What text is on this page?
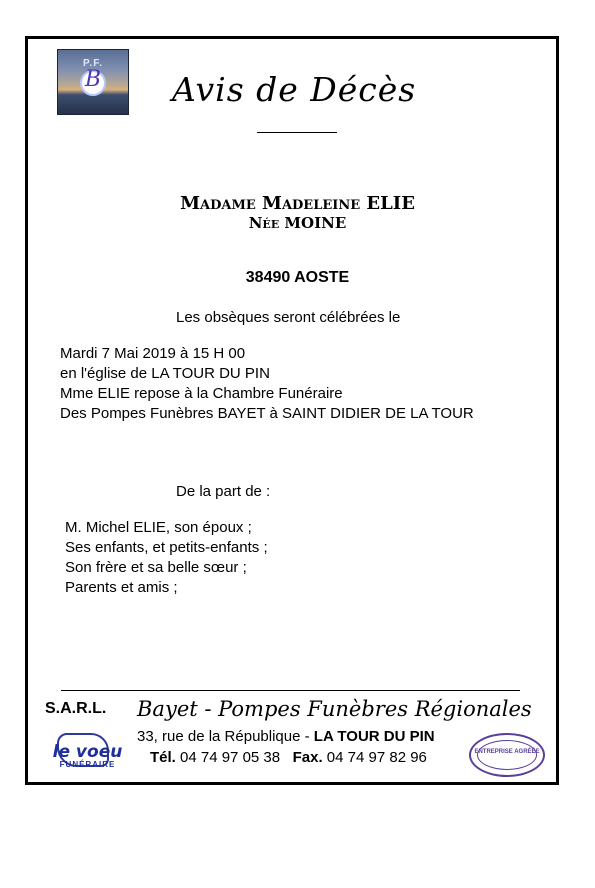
P.F.
B Avis de Décès
Madame Madeleine ELIE
Née MOINE
38490 AOSTE
Les obsèques seront célébrées le
Mardi 7 Mai 2019 à 15 H 00
en l'église de LA TOUR DU PIN
Mme ELIE repose à la Chambre Funéraire
Des Pompes Funèbres BAYET à SAINT DIDIER DE LA TOUR
De la part de :
M. Michel ELIE, son époux ;
Ses enfants, et petits-enfants ;
Son frère et sa belle sœur ;
Parents et amis ;
S.A.R.L. Bayet - Pompes Funèbres Régionales
33, rue de la République - LA TOUR DU PIN
Tél. 04 74 97 05 38 Fax. 04 74 97 82 96
le voeu
FUNÉRAIRE
ENTREPRISE AGRÉÉE
